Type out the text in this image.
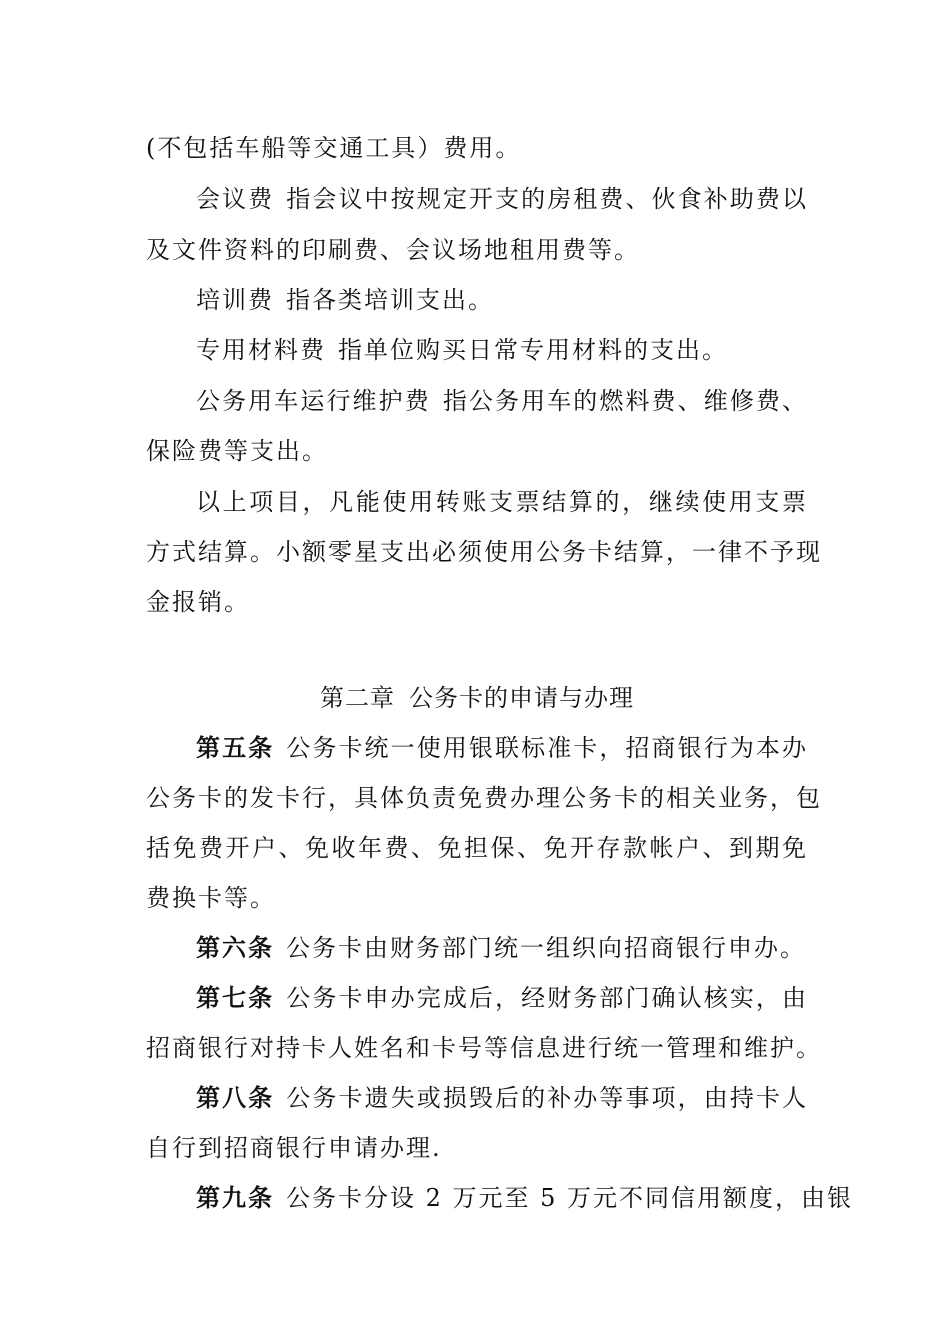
(不包括车船等交通工具）费用。
会议费 指会议中按规定开支的房租费、伙食补助费以
及文件资料的印刷费、会议场地租用费等。
培训费 指各类培训支出。
专用材料费 指单位购买日常专用材料的支出。
公务用车运行维护费 指公务用车的燃料费、维修费、
保险费等支出。
以上项目，凡能使用转账支票结算的，继续使用支票
方式结算。小额零星支出必须使用公务卡结算，一律不予现
金报销。
第二章 公务卡的申请与办理
第五条 公务卡统一使用银联标准卡，招商银行为本办
公务卡的发卡行，具体负责免费办理公务卡的相关业务，包
括免费开户、免收年费、免担保、免开存款帐户、到期免
费换卡等。
第六条 公务卡由财务部门统一组织向招商银行申办。
第七条 公务卡申办完成后，经财务部门确认核实，由
招商银行对持卡人姓名和卡号等信息进行统一管理和维护。
第八条 公务卡遗失或损毁后的补办等事项，由持卡人
自行到招商银行申请办理.
第九条 公务卡分设 2 万元至 5 万元不同信用额度，由银
